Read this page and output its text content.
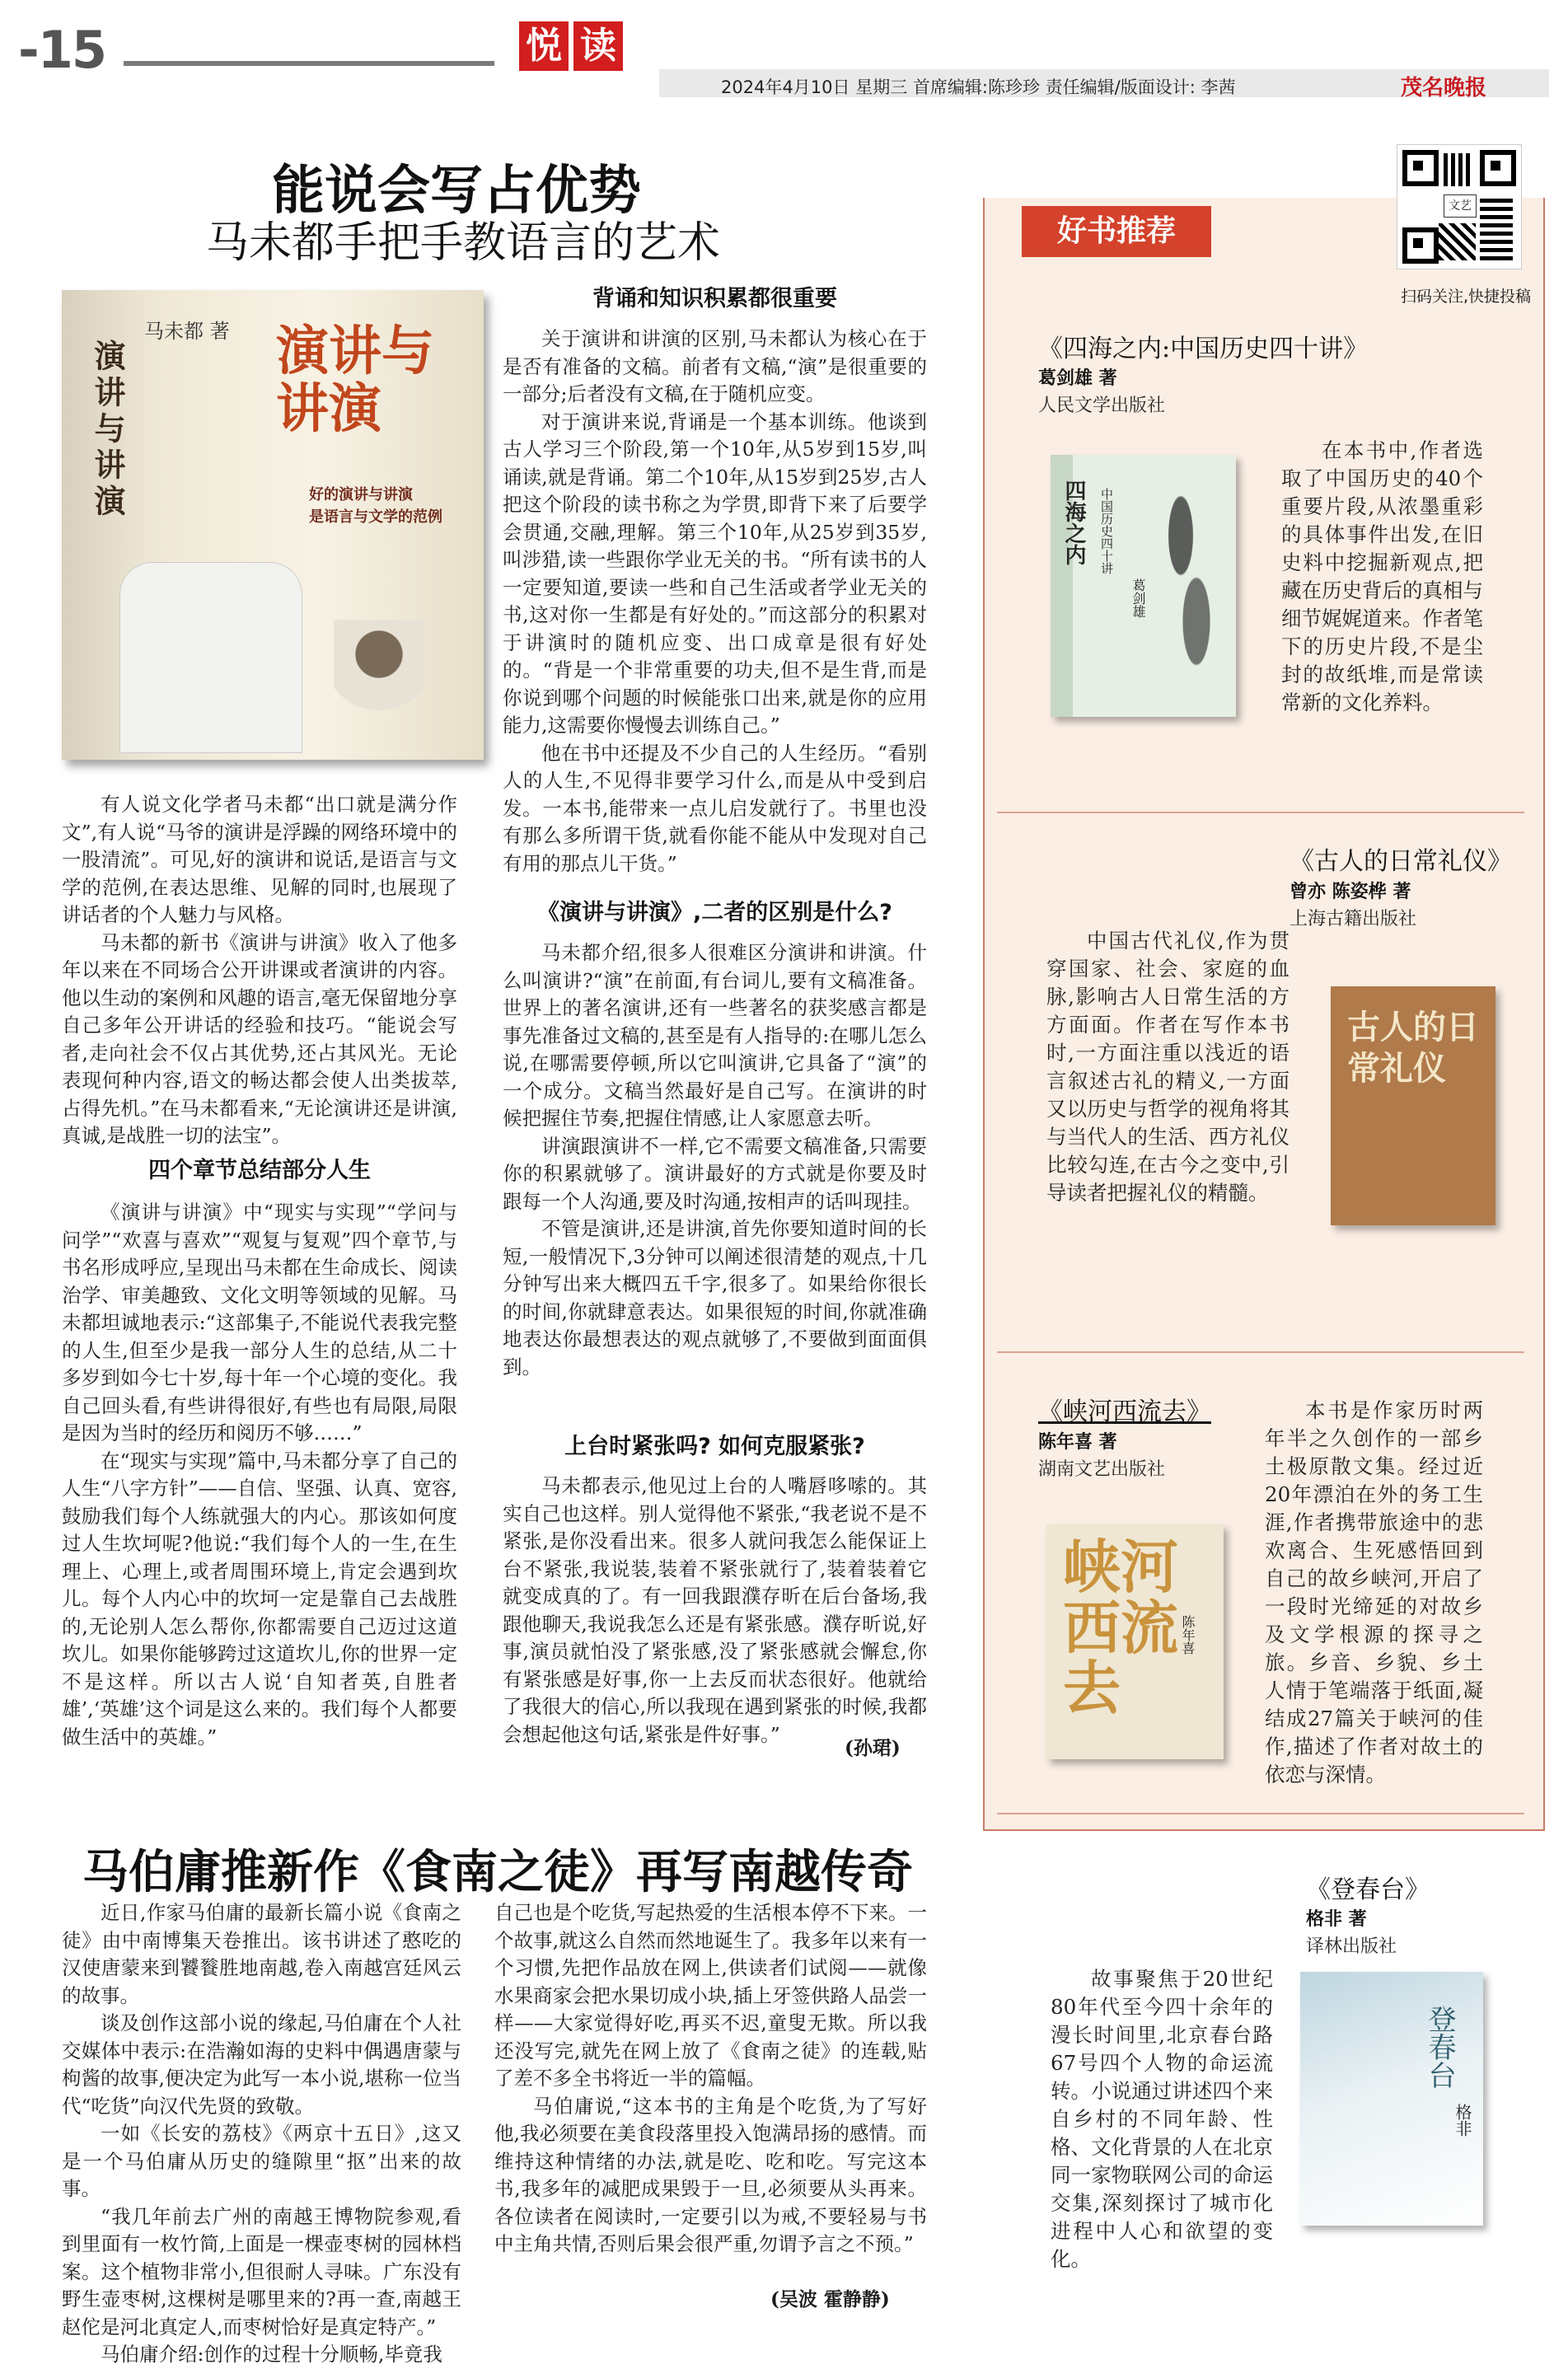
-15	悦 读
2024年4月10日 星期三 首席编辑:陈珍珍 责任编辑/版面设计: 李茜	茂名晚报
能说会写占优势
马未都手把手教语言的艺术
演讲与讲演
马未都 著 演讲与讲演
好的演讲与讲演
是语言与文学的范例

有人说文化学者马未都“出口就是满分作文”,有人说“马爷的演讲是浮躁的网络环境中的一股清流”。可见,好的演讲和说话,是语言与文学的范例,在表达思维、见解的同时,也展现了讲话者的个人魅力与风格。

马未都的新书《演讲与讲演》收入了他多年以来在不同场合公开讲课或者演讲的内容。他以生动的案例和风趣的语言,毫无保留地分享自己多年公开讲话的经验和技巧。“能说会写者,走向社会不仅占其优势,还占其风光。无论表现何种内容,语文的畅达都会使人出类拔萃,占得先机。”在马未都看来,“无论演讲还是讲演,真诚,是战胜一切的法宝”。

四个章节总结部分人生

《演讲与讲演》中“现实与实现”“学问与问学”“欢喜与喜欢”“观复与复观”四个章节,与书名形成呼应,呈现出马未都在生命成长、阅读治学、审美趣致、文化文明等领域的见解。马未都坦诚地表示:“这部集子,不能说代表我完整的人生,但至少是我一部分人生的总结,从二十多岁到如今七十岁,每十年一个心境的变化。我自己回头看,有些讲得很好,有些也有局限,局限是因为当时的经历和阅历不够……”

在“现实与实现”篇中,马未都分享了自己的人生“八字方针”——自信、坚强、认真、宽容,鼓励我们每个人练就强大的内心。那该如何度过人生坎坷呢?他说:“我们每个人的一生,在生理上、心理上,或者周围环境上,肯定会遇到坎儿。每个人内心中的坎坷一定是靠自己去战胜的,无论别人怎么帮你,你都需要自己迈过这道坎儿。如果你能够跨过这道坎儿,你的世界一定不是这样。所以古人说‘自知者英,自胜者雄’,‘英雄’这个词是这么来的。我们每个人都要做生活中的英雄。”

背诵和知识积累都很重要

关于演讲和讲演的区别,马未都认为核心在于是否有准备的文稿。前者有文稿,“演”是很重要的一部分;后者没有文稿,在于随机应变。

对于演讲来说,背诵是一个基本训练。他谈到古人学习三个阶段,第一个10年,从5岁到15岁,叫诵读,就是背诵。第二个10年,从15岁到25岁,古人把这个阶段的读书称之为学贯,即背下来了后要学会贯通,交融,理解。第三个10年,从25岁到35岁,叫涉猎,读一些跟你学业无关的书。“所有读书的人一定要知道,要读一些和自己生活或者学业无关的书,这对你一生都是有好处的。”而这部分的积累对于讲演时的随机应变、出口成章是很有好处的。“背是一个非常重要的功夫,但不是生背,而是你说到哪个问题的时候能张口出来,就是你的应用能力,这需要你慢慢去训练自己。”

他在书中还提及不少自己的人生经历。“看别人的人生,不见得非要学习什么,而是从中受到启发。一本书,能带来一点儿启发就行了。书里也没有那么多所谓干货,就看你能不能从中发现对自己有用的那点儿干货。”

《演讲与讲演》,二者的区别是什么?

马未都介绍,很多人很难区分演讲和讲演。什么叫演讲?“演”在前面,有台词儿,要有文稿准备。世界上的著名演讲,还有一些著名的获奖感言都是事先准备过文稿的,甚至是有人指导的:在哪儿怎么说,在哪需要停顿,所以它叫演讲,它具备了“演”的一个成分。文稿当然最好是自己写。在演讲的时候把握住节奏,把握住情感,让人家愿意去听。

讲演跟演讲不一样,它不需要文稿准备,只需要你的积累就够了。演讲最好的方式就是你要及时跟每一个人沟通,要及时沟通,按相声的话叫现挂。

不管是演讲,还是讲演,首先你要知道时间的长短,一般情况下,3分钟可以阐述很清楚的观点,十几分钟写出来大概四五千字,很多了。如果给你很长的时间,你就肆意表达。如果很短的时间,你就准确地表达你最想表达的观点就够了,不要做到面面俱到。

上台时紧张吗? 如何克服紧张?

马未都表示,他见过上台的人嘴唇哆嗦的。其实自己也这样。别人觉得他不紧张,“我老说不是不紧张,是你没看出来。很多人就问我怎么能保证上台不紧张,我说装,装着不紧张就行了,装着装着它就变成真的了。有一回我跟濮存昕在后台备场,我跟他聊天,我说我怎么还是有紧张感。濮存昕说,好事,演员就怕没了紧张感,没了紧张感就会懈怠,你有紧张感是好事,你一上去反而状态很好。他就给了我很大的信心,所以我现在遇到紧张的时候,我都会想起他这句话,紧张是件好事。”

(孙珺)
好书推荐
文艺
扫码关注,快捷投稿
《四海之内:中国历史四十讲》
葛剑雄 著
人民文学出版社
四海之内 中国历史四十讲
葛剑雄

在本书中,作者选取了中国历史的40个重要片段,从浓墨重彩的具体事件出发,在旧史料中挖掘新观点,把藏在历史背后的真相与细节娓娓道来。作者笔下的历史片段,不是尘封的故纸堆,而是常读常新的文化养料。

《古人的日常礼仪》
曾亦 陈姿桦 著
上海古籍出版社

中国古代礼仪,作为贯穿国家、社会、家庭的血脉,影响古人日常生活的方方面面。作者在写作本书时,一方面注重以浅近的语言叙述古礼的精义,一方面又以历史与哲学的视角将其与当代人的生活、西方礼仪比较勾连,在古今之变中,引导读者把握礼仪的精髓。

古人的日常礼仪
《峡河西流去》
陈年喜 著
湖南文艺出版社
峡河西流去
陈年喜

本书是作家历时两年半之久创作的一部乡土极原散文集。经过近20年漂泊在外的务工生涯,作者携带旅途中的悲欢离合、生死感悟回到自己的故乡峡河,开启了一段时光缔延的对故乡及文学根源的探寻之旅。乡音、乡貌、乡土人情于笔端落于纸面,凝结成27篇关于峡河的佳作,描述了作者对故土的依恋与深情。

《登春台》
格非 著
译林出版社

故事聚焦于20世纪80年代至今四十余年的漫长时间里,北京春台路67号四个人物的命运流转。小说通过讲述四个来自乡村的不同年龄、性格、文化背景的人在北京同一家物联网公司的命运交集,深刻探讨了城市化进程中人心和欲望的变化。

登春台
格非
马伯庸推新作《食南之徒》再写南越传奇

近日,作家马伯庸的最新长篇小说《食南之徒》由中南博集天卷推出。该书讲述了憨吃的汉使唐蒙来到饕餮胜地南越,卷入南越宫廷风云的故事。

谈及创作这部小说的缘起,马伯庸在个人社交媒体中表示:在浩瀚如海的史料中偶遇唐蒙与枸酱的故事,便决定为此写一本小说,堪称一位当代“吃货”向汉代先贤的致敬。

一如《长安的荔枝》《两京十五日》,这又是一个马伯庸从历史的缝隙里“抠”出来的故事。

“我几年前去广州的南越王博物院参观,看到里面有一枚竹简,上面是一棵壶枣树的园林档案。这个植物非常小,但很耐人寻味。广东没有野生壶枣树,这棵树是哪里来的?再一查,南越王赵佗是河北真定人,而枣树恰好是真定特产。”

马伯庸介绍:创作的过程十分顺畅,毕竟我

自己也是个吃货,写起热爱的生活根本停不下来。一个故事,就这么自然而然地诞生了。我多年以来有一个习惯,先把作品放在网上,供读者们试阅——就像水果商家会把水果切成小块,插上牙签供路人品尝一样——大家觉得好吃,再买不迟,童叟无欺。所以我还没写完,就先在网上放了《食南之徒》的连载,贴了差不多全书将近一半的篇幅。

马伯庸说,“这本书的主角是个吃货,为了写好他,我必须要在美食段落里投入饱满昂扬的感情。而维持这种情绪的办法,就是吃、吃和吃。写完这本书,我多年的减肥成果毁于一旦,必须要从头再来。各位读者在阅读时,一定要引以为戒,不要轻易与书中主角共情,否则后果会很严重,勿谓予言之不预。”

(吴波 霍静静)
